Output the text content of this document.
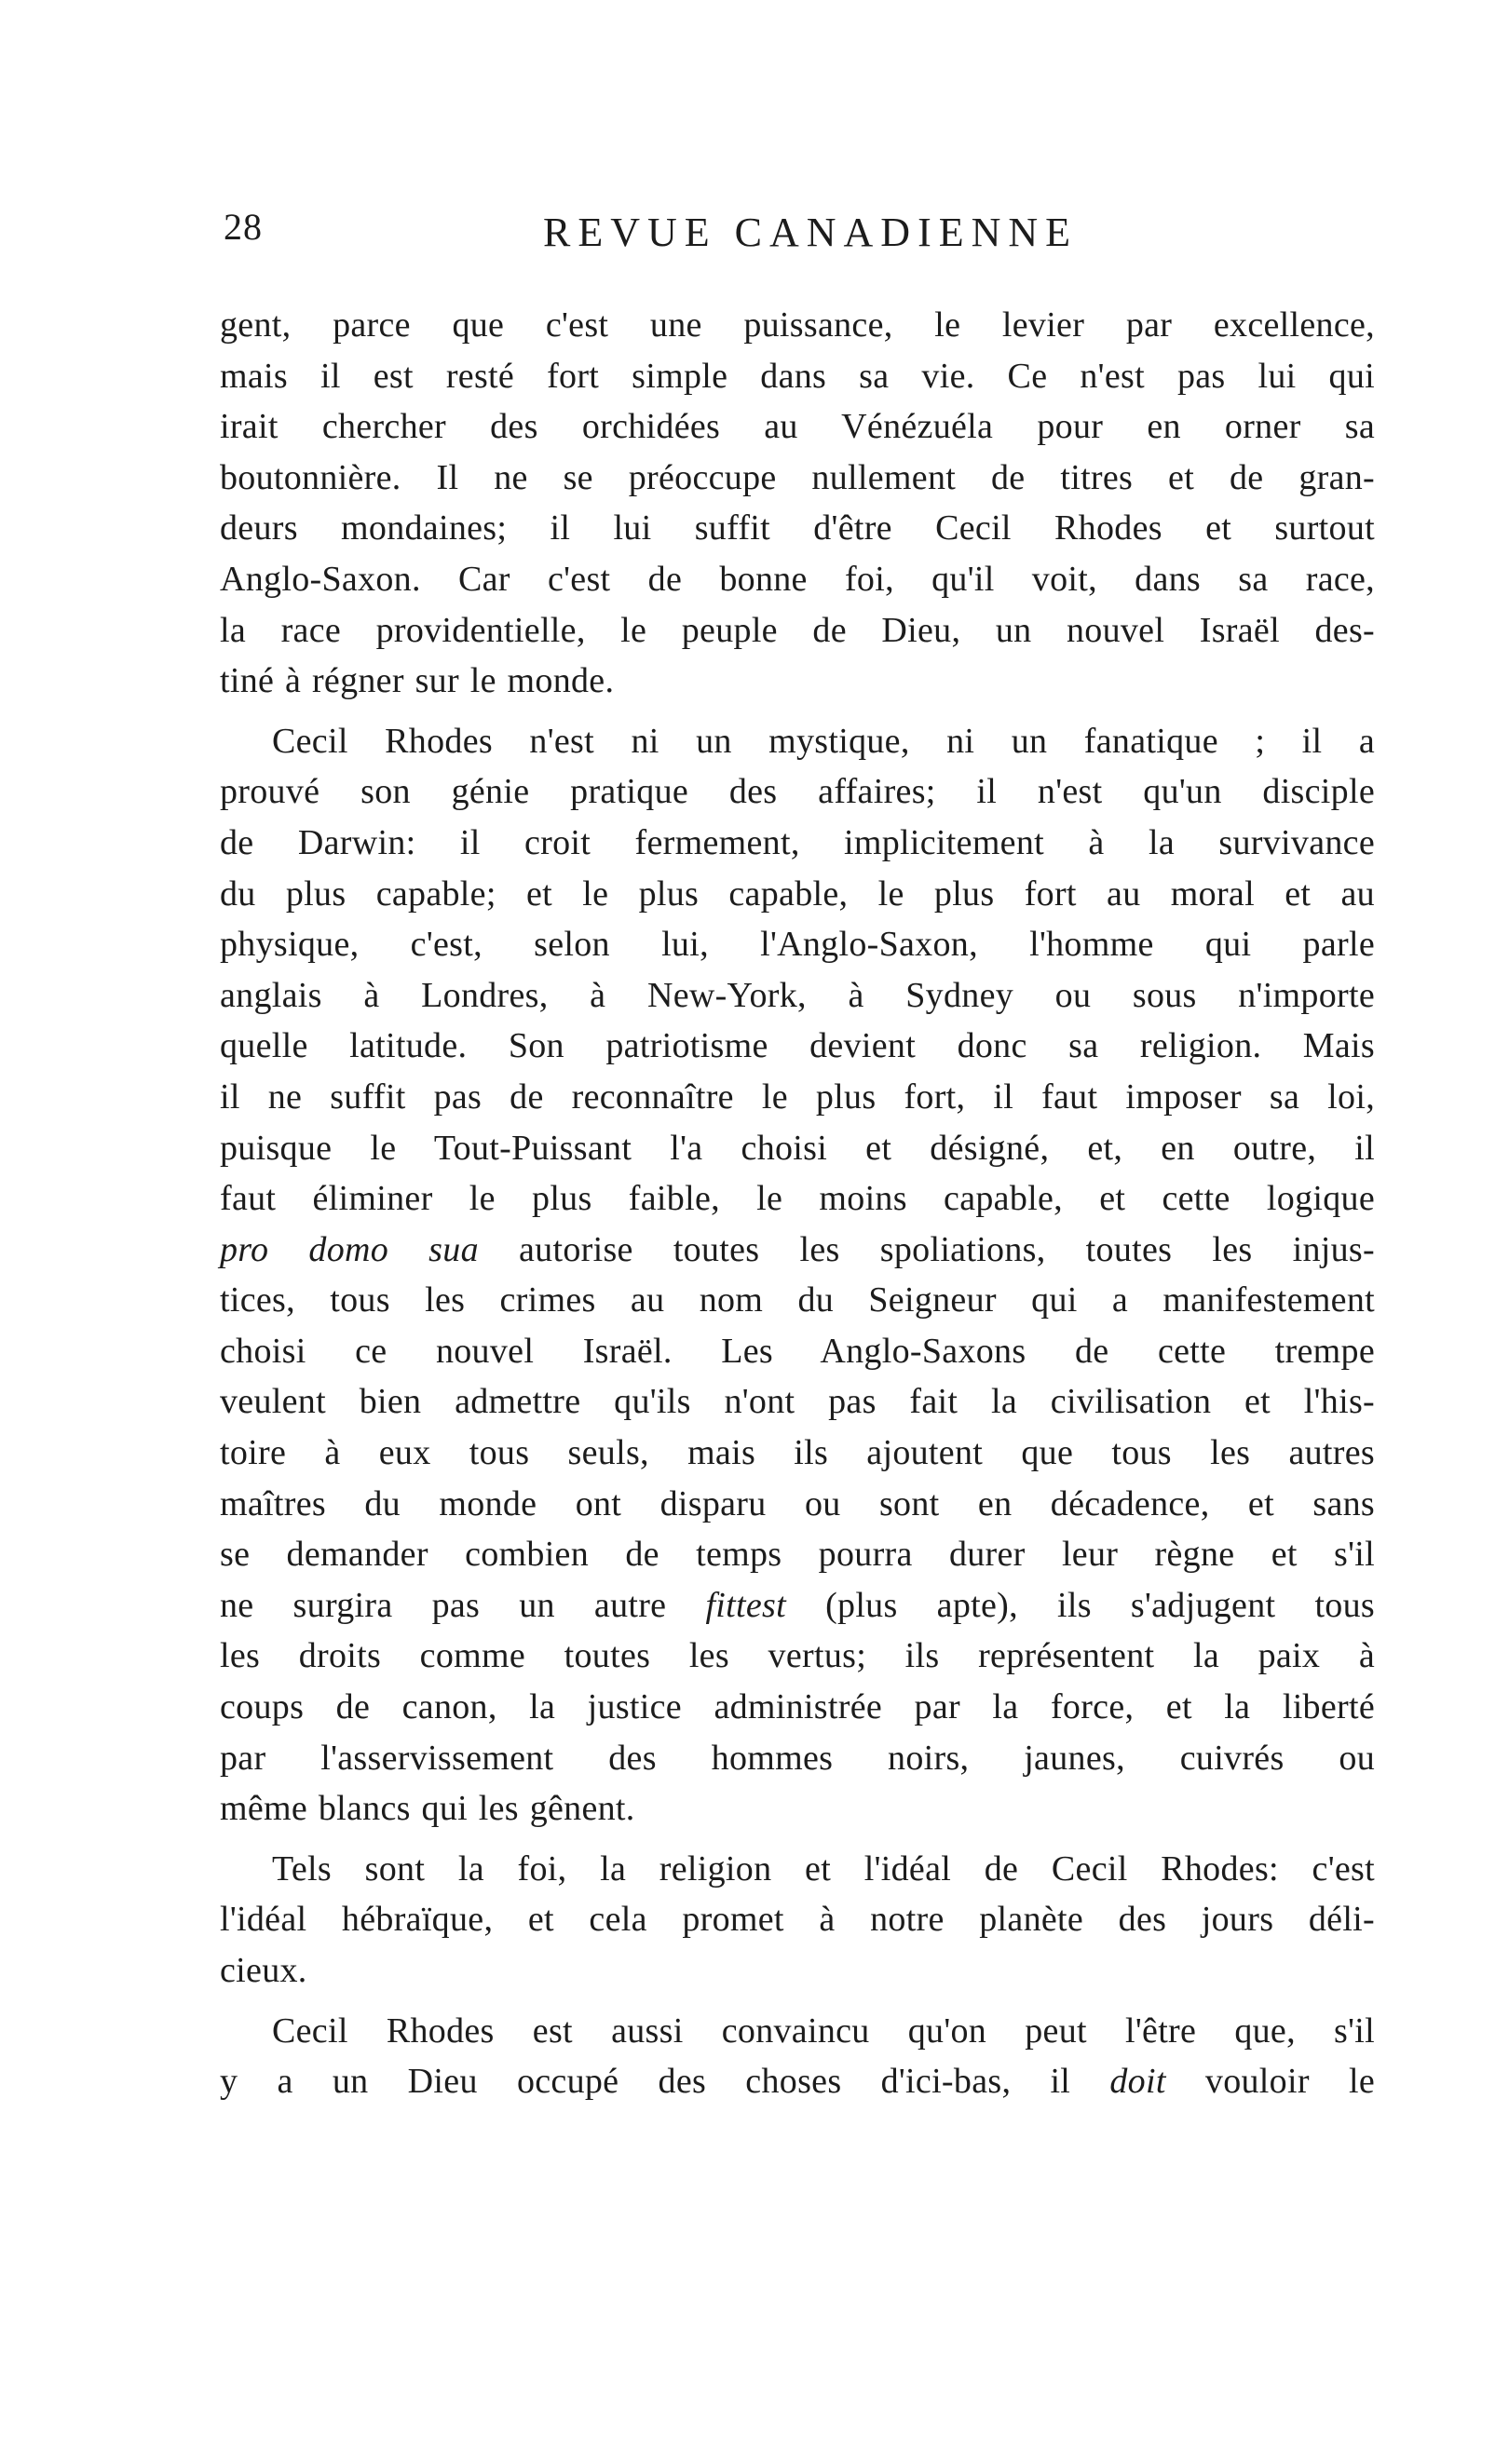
28	REVUE CANADIENNE
gent, parce que c'est une puissance, le levier par excellence,
mais il est resté fort simple dans sa vie. Ce n'est pas lui qui
irait chercher des orchidées au Vénézuéla pour en orner sa
boutonnière. Il ne se préoccupe nullement de titres et de gran-
deurs mondaines; il lui suffit d'être Cecil Rhodes et surtout
Anglo-Saxon. Car c'est de bonne foi, qu'il voit, dans sa race,
la race providentielle, le peuple de Dieu, un nouvel Israël des-
tiné à régner sur le monde.
Cecil Rhodes n'est ni un mystique, ni un fanatique ; il a
prouvé son génie pratique des affaires; il n'est qu'un disciple
de Darwin: il croit fermement, implicitement à la survivance
du plus capable; et le plus capable, le plus fort au moral et au
physique, c'est, selon lui, l'Anglo-Saxon, l'homme qui parle
anglais à Londres, à New-York, à Sydney ou sous n'importe
quelle latitude. Son patriotisme devient donc sa religion. Mais
il ne suffit pas de reconnaître le plus fort, il faut imposer sa loi,
puisque le Tout-Puissant l'a choisi et désigné, et, en outre, il
faut éliminer le plus faible, le moins capable, et cette logique
pro domo sua autorise toutes les spoliations, toutes les injus-
tices, tous les crimes au nom du Seigneur qui a manifestement
choisi ce nouvel Israël. Les Anglo-Saxons de cette trempe
veulent bien admettre qu'ils n'ont pas fait la civilisation et l'his-
toire à eux tous seuls, mais ils ajoutent que tous les autres
maîtres du monde ont disparu ou sont en décadence, et sans
se demander combien de temps pourra durer leur règne et s'il
ne surgira pas un autre fittest (plus apte), ils s'adjugent tous
les droits comme toutes les vertus; ils représentent la paix à
coups de canon, la justice administrée par la force, et la liberté
par l'asservissement des hommes noirs, jaunes, cuivrés ou
même blancs qui les gênent.
Tels sont la foi, la religion et l'idéal de Cecil Rhodes: c'est
l'idéal hébraïque, et cela promet à notre planète des jours déli-
cieux.
Cecil Rhodes est aussi convaincu qu'on peut l'être que, s'il
y a un Dieu occupé des choses d'ici-bas, il doit vouloir le
